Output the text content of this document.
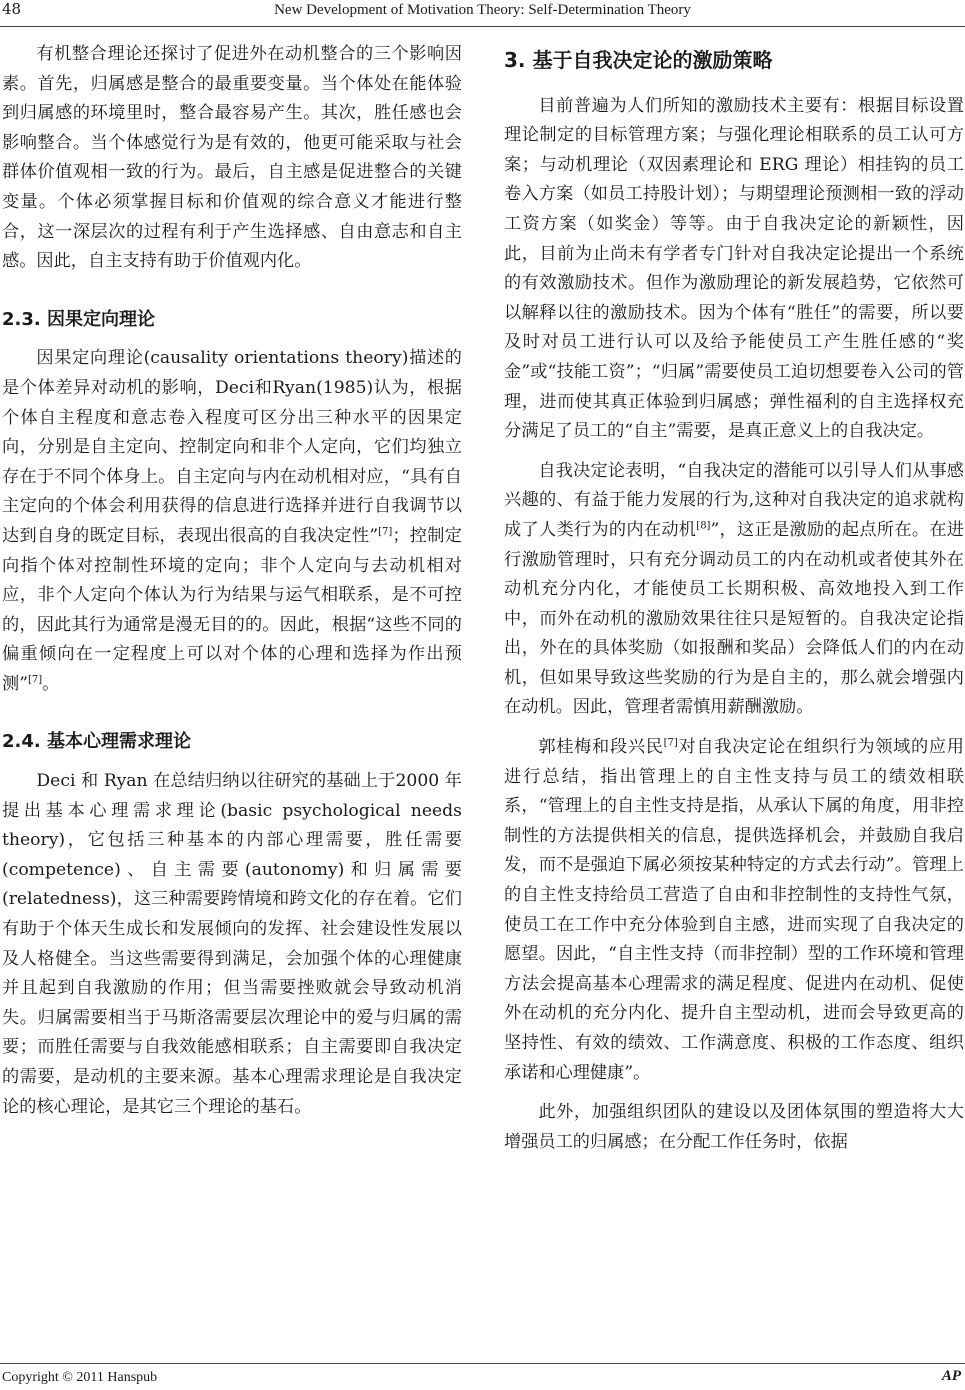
48	New Development of Motivation Theory: Self-Determination Theory

有机整合理论还探讨了促进外在动机整合的三个影响因素。首先，归属感是整合的最重要变量。当个体处在能体验到归属感的环境里时，整合最容易产生。其次，胜任感也会影响整合。当个体感觉行为是有效的，他更可能采取与社会群体价值观相一致的行为。最后，自主感是促进整合的关键变量。个体必须掌握目标和价值观的综合意义才能进行整合，这一深层次的过程有利于产生选择感、自由意志和自主感。因此，自主支持有助于价值观内化。

2.3. 因果定向理论

因果定向理论(causality orientations theory)描述的是个体差异对动机的影响，Deci和Ryan(1985)认为，根据个体自主程度和意志卷入程度可区分出三种水平的因果定向，分别是自主定向、控制定向和非个人定向，它们均独立存在于不同个体身上。自主定向与内在动机相对应，“具有自主定向的个体会利用获得的信息进行选择并进行自我调节以达到自身的既定目标，表现出很高的自我决定性”[7]；控制定向指个体对控制性环境的定向；非个人定向与去动机相对应，非个人定向个体认为行为结果与运气相联系，是不可控的，因此其行为通常是漫无目的的。因此，根据“这些不同的偏重倾向在一定程度上可以对个体的心理和选择为作出预测”[7]。

2.4. 基本心理需求理论

Deci 和 Ryan 在总结归纳以往研究的基础上于2000 年提出基本心理需求理论(basic psychological needs theory)，它包括三种基本的内部心理需要，胜任需要(competence)、自主需要(autonomy)和归属需要(relatedness)，这三种需要跨情境和跨文化的存在着。它们有助于个体天生成长和发展倾向的发挥、社会建设性发展以及人格健全。当这些需要得到满足，会加强个体的心理健康并且起到自我激励的作用；但当需要挫败就会导致动机消失。归属需要相当于马斯洛需要层次理论中的爱与归属的需要；而胜任需要与自我效能感相联系；自主需要即自我决定的需要，是动机的主要来源。基本心理需求理论是自我决定论的核心理论，是其它三个理论的基石。

3. 基于自我决定论的激励策略

目前普遍为人们所知的激励技术主要有：根据目标设置理论制定的目标管理方案；与强化理论相联系的员工认可方案；与动机理论（双因素理论和 ERG 理论）相挂钩的员工卷入方案（如员工持股计划）；与期望理论预测相一致的浮动工资方案（如奖金）等等。由于自我决定论的新颖性，因此，目前为止尚未有学者专门针对自我决定论提出一个系统的有效激励技术。但作为激励理论的新发展趋势，它依然可以解释以往的激励技术。因为个体有“胜任”的需要，所以要及时对员工进行认可以及给予能使员工产生胜任感的“奖金”或“技能工资”；“归属”需要使员工迫切想要卷入公司的管理，进而使其真正体验到归属感；弹性福利的自主选择权充分满足了员工的“自主”需要，是真正意义上的自我决定。

自我决定论表明，“自我决定的潜能可以引导人们从事感兴趣的、有益于能力发展的行为,这种对自我决定的追求就构成了人类行为的内在动机[8]”，这正是激励的起点所在。在进行激励管理时，只有充分调动员工的内在动机或者使其外在动机充分内化，才能使员工长期积极、高效地投入到工作中，而外在动机的激励效果往往只是短暂的。自我决定论指出，外在的具体奖励（如报酬和奖品）会降低人们的内在动机，但如果导致这些奖励的行为是自主的，那么就会增强内在动机。因此，管理者需慎用薪酬激励。

郭桂梅和段兴民[7]对自我决定论在组织行为领域的应用进行总结，指出管理上的自主性支持与员工的绩效相联系，“管理上的自主性支持是指，从承认下属的角度，用非控制性的方法提供相关的信息，提供选择机会，并鼓励自我启发，而不是强迫下属必须按某种特定的方式去行动”。管理上的自主性支持给员工营造了自由和非控制性的支持性气氛，使员工在工作中充分体验到自主感，进而实现了自我决定的愿望。因此，“自主性支持（而非控制）型的工作环境和管理方法会提高基本心理需求的满足程度、促进内在动机、促使外在动机的充分内化、提升自主型动机，进而会导致更高的坚持性、有效的绩效、工作满意度、积极的工作态度、组织承诺和心理健康”。

此外，加强组织团队的建设以及团体氛围的塑造将大大增强员工的归属感；在分配工作任务时，依据

Copyright © 2011 Hanspub	AP
